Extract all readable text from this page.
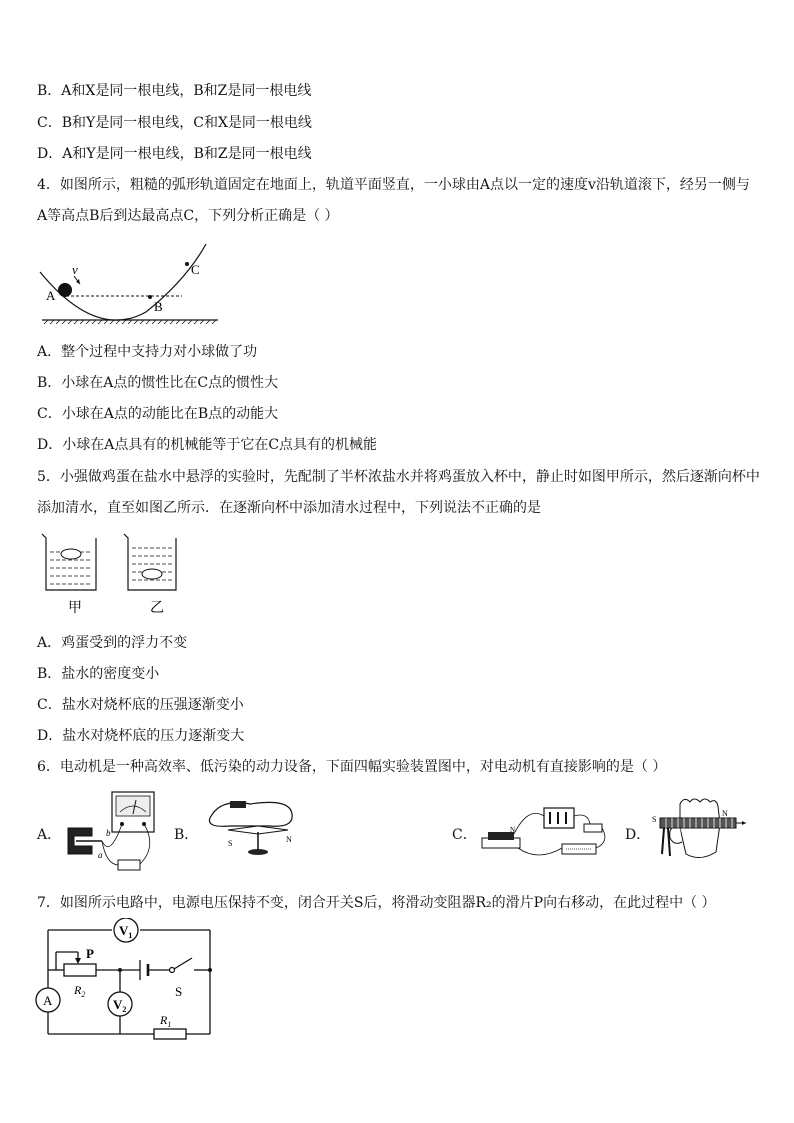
B．A和X是同一根电线，B和Z是同一根电线
C．B和Y是同一根电线，C和X是同一根电线
D．A和Y是同一根电线，B和Z是同一根电线
4．如图所示，粗糙的弧形轨道固定在地面上，轨道平面竖直，一小球由A点以一定的速度v沿轨道滚下，经另一侧与
A等高点B后到达最高点C，下列分析正确是（ ）
v
A
B
C
A．整个过程中支持力对小球做了功
B．小球在A点的惯性比在C点的惯性大
C．小球在A点的动能比在B点的动能大
D．小球在A点具有的机械能等于它在C点具有的机械能
5．小强做鸡蛋在盐水中悬浮的实验时，先配制了半杯浓盐水并将鸡蛋放入杯中，静止时如图甲所示，然后逐渐向杯中
添加清水，直至如图乙所示．在逐渐向杯中添加清水过程中，下列说法不正确的是
甲	乙
A．鸡蛋受到的浮力不变
B．盐水的密度变小
C．盐水对烧杯底的压强逐渐变小
D．盐水对烧杯底的压力逐渐变大
6．电动机是一种高效率、低污染的动力设备，下面四幅实验装置图中，对电动机有直接影响的是（ ）
A．
a
b	B．
S	N	C．	N	D．
S
N
7．如图所示电路中，电源电压保持不变，闭合开关S后，将滑动变阻器R₂的滑片P向右移动，在此过程中（ ）
$V_1$
P
$R_2$	S
A	$V_2$
$R_1$
